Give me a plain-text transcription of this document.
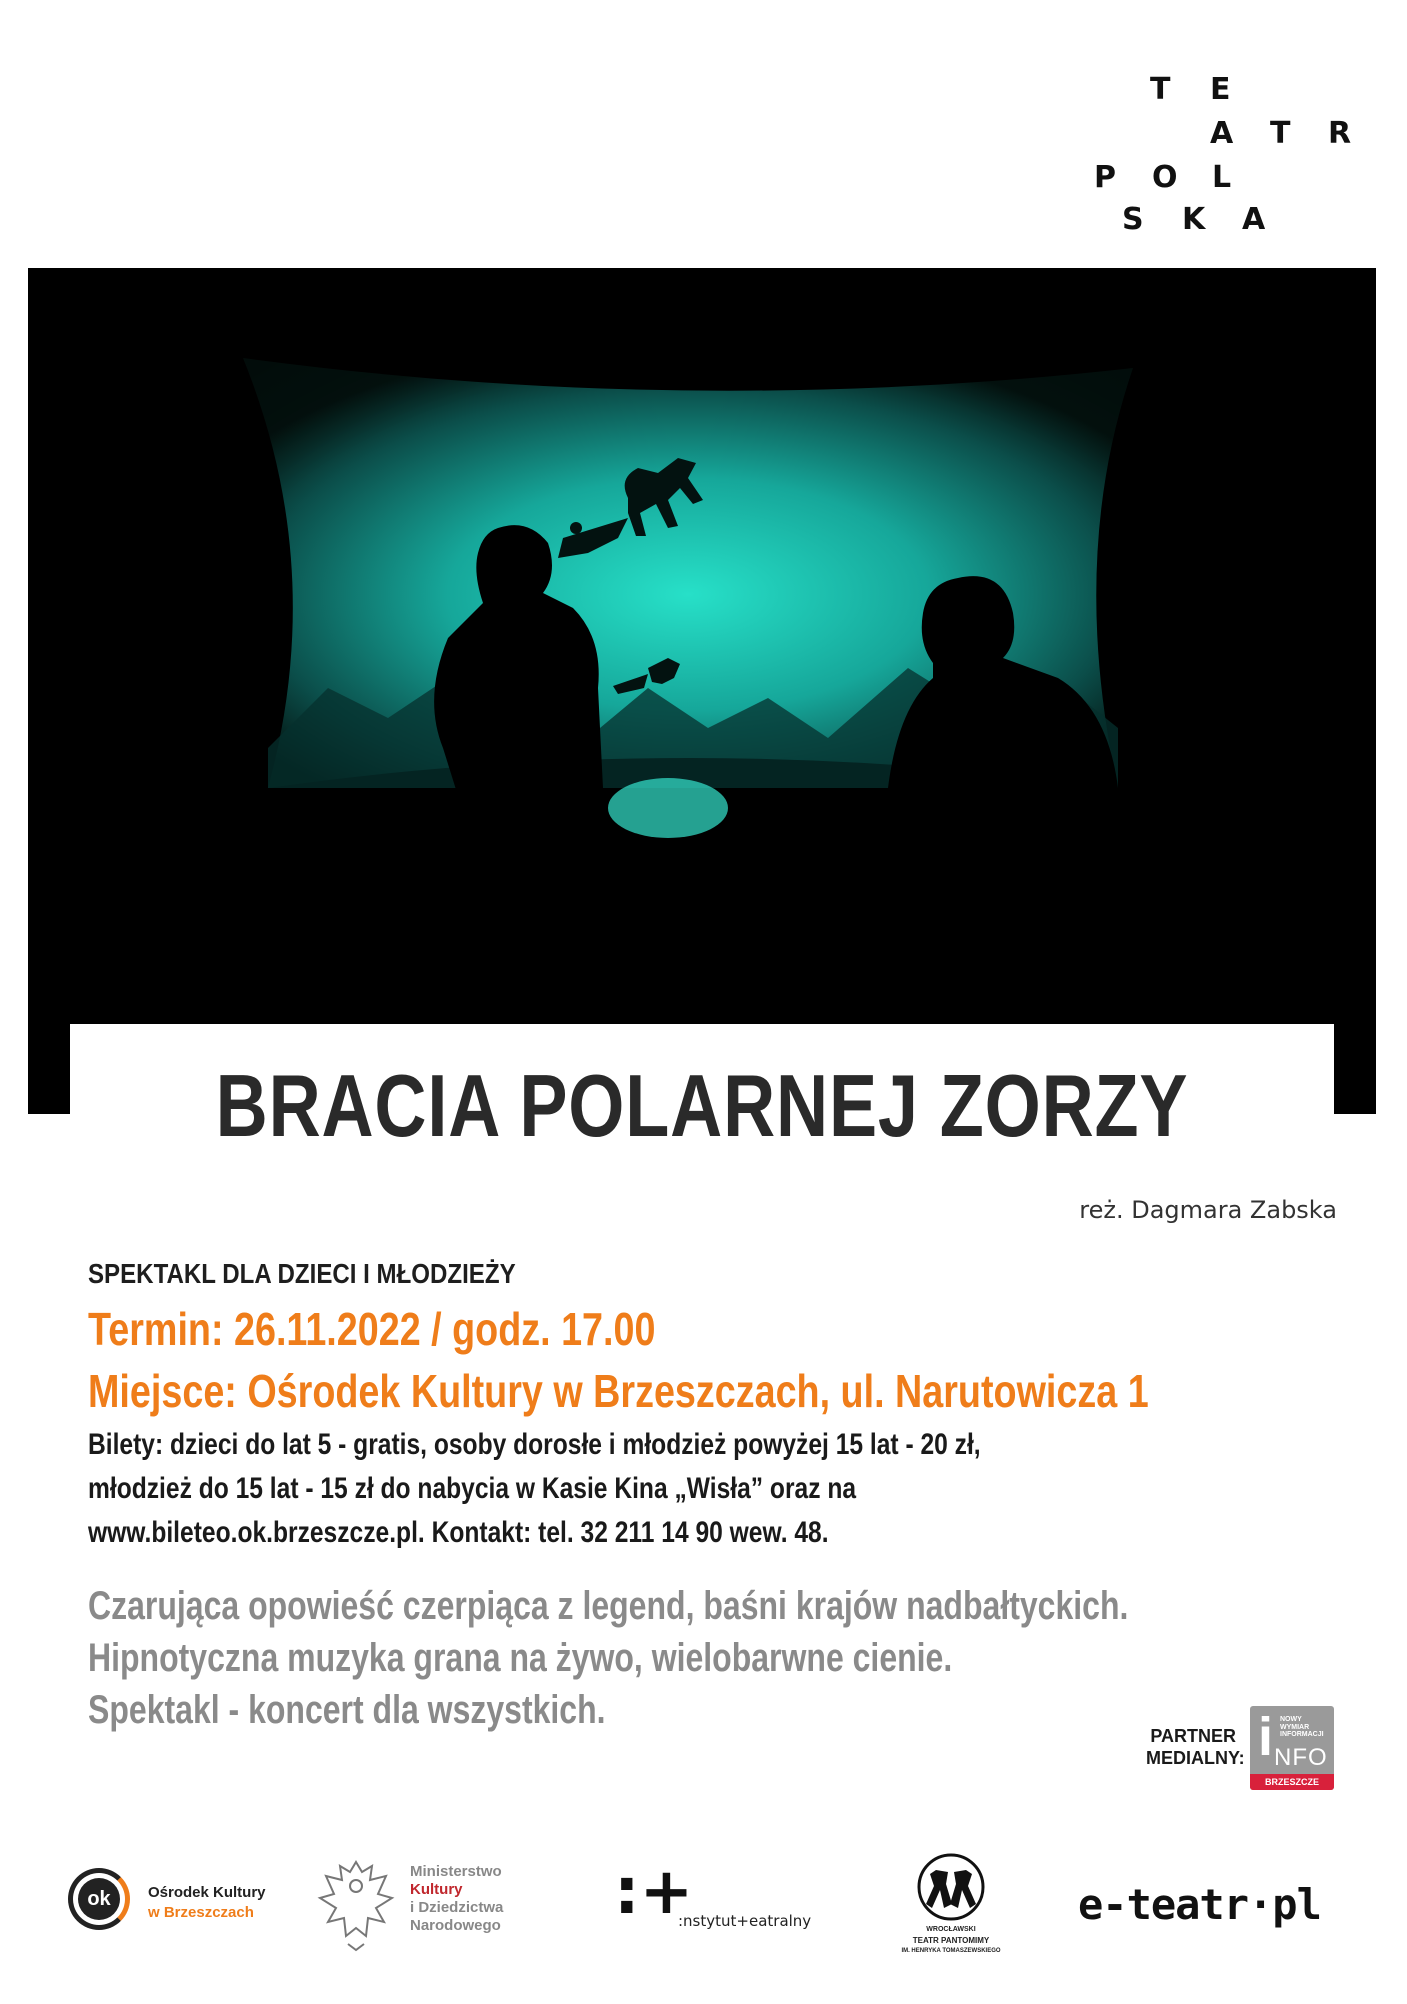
T E
A T R
P O L
S K A
BRACIA POLARNEJ ZORZY
reż. Dagmara Zabska
SPEKTAKL DLA DZIECI I MŁODZIEŻY
Termin: 26.11.2022 / godz. 17.00
Miejsce: Ośrodek Kultury w Brzeszczach, ul. Narutowicza 1
Bilety: dzieci do lat 5 - gratis, osoby dorosłe i młodzież powyżej 15 lat - 20 zł,
młodzież do 15 lat - 15 zł do nabycia w Kasie Kina „Wisła” oraz na
www.bileteo.ok.brzeszcze.pl. Kontakt: tel. 32 211 14 90 wew. 48.
Czarująca opowieść czerpiąca z legend, baśni krajów nadbałtyckich.
Hipnotyczna muzyka grana na żywo, wielobarwne cienie.
Spektakl - koncert dla wszystkich.
PARTNER
MEDIALNY: i NOWY
WYMIAR
INFORMACJI
NFO
BRZESZCZE
ok	Ośrodek Kultury
w Brzeszczach
Ministerstwo
Kultury
i Dziedzictwa
Narodowego :+
:nstytut+eatralny	WROCŁAWSKI
TEATR PANTOMIMY
IM. HENRYKA TOMASZEWSKIEGO
e-teatr·pl
